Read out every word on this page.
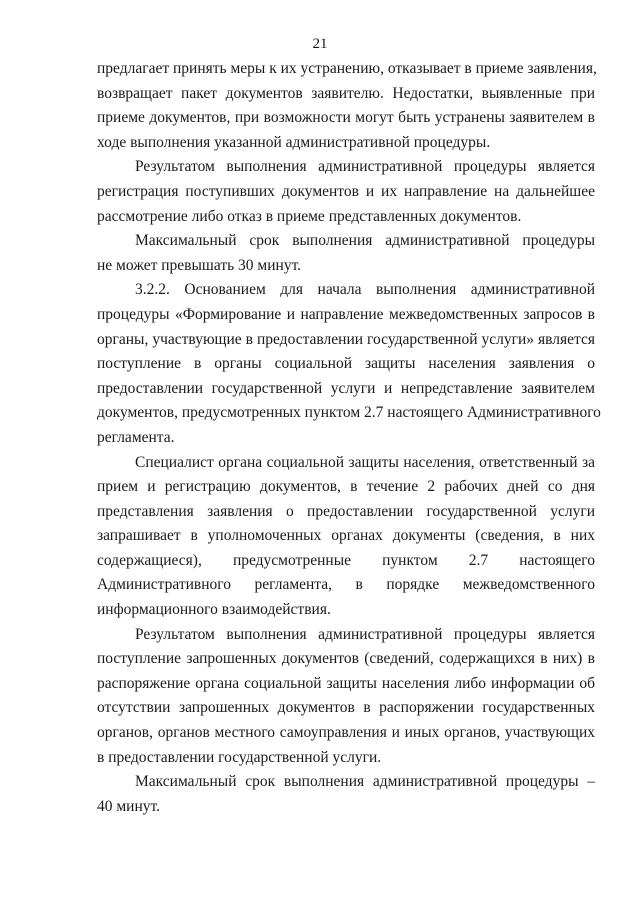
21

предлагает принять меры к их устранению, отказывает в приеме заявления,
возвращает пакет документов заявителю. Недостатки, выявленные при
приеме документов, при возможности могут быть устранены заявителем в
ходе выполнения указанной административной процедуры.

Результатом выполнения административной процедуры является
регистрация поступивших документов и их направление на дальнейшее
рассмотрение либо отказ в приеме представленных документов.

Максимальный срок выполнения административной процедуры
не может превышать 30 минут.

3.2.2. Основанием для начала выполнения административной
процедуры «Формирование и направление межведомственных запросов в
органы, участвующие в предоставлении государственной услуги» является
поступление в органы социальной защиты населения заявления о
предоставлении государственной услуги и непредставление заявителем
документов, предусмотренных пунктом 2.7 настоящего Административного
регламента.

Специалист органа социальной защиты населения, ответственный за
прием и регистрацию документов, в течение 2 рабочих дней со дня
представления заявления о предоставлении государственной услуги
запрашивает в уполномоченных органах документы (сведения, в них
содержащиеся), предусмотренные пунктом 2.7 настоящего
Административного регламента, в порядке межведомственного
информационного взаимодействия.

Результатом выполнения административной процедуры является
поступление запрошенных документов (сведений, содержащихся в них) в
распоряжение органа социальной защиты населения либо информации об
отсутствии запрошенных документов в распоряжении государственных
органов, органов местного самоуправления и иных органов, участвующих
в предоставлении государственной услуги.

Максимальный срок выполнения административной процедуры –
40 минут.
